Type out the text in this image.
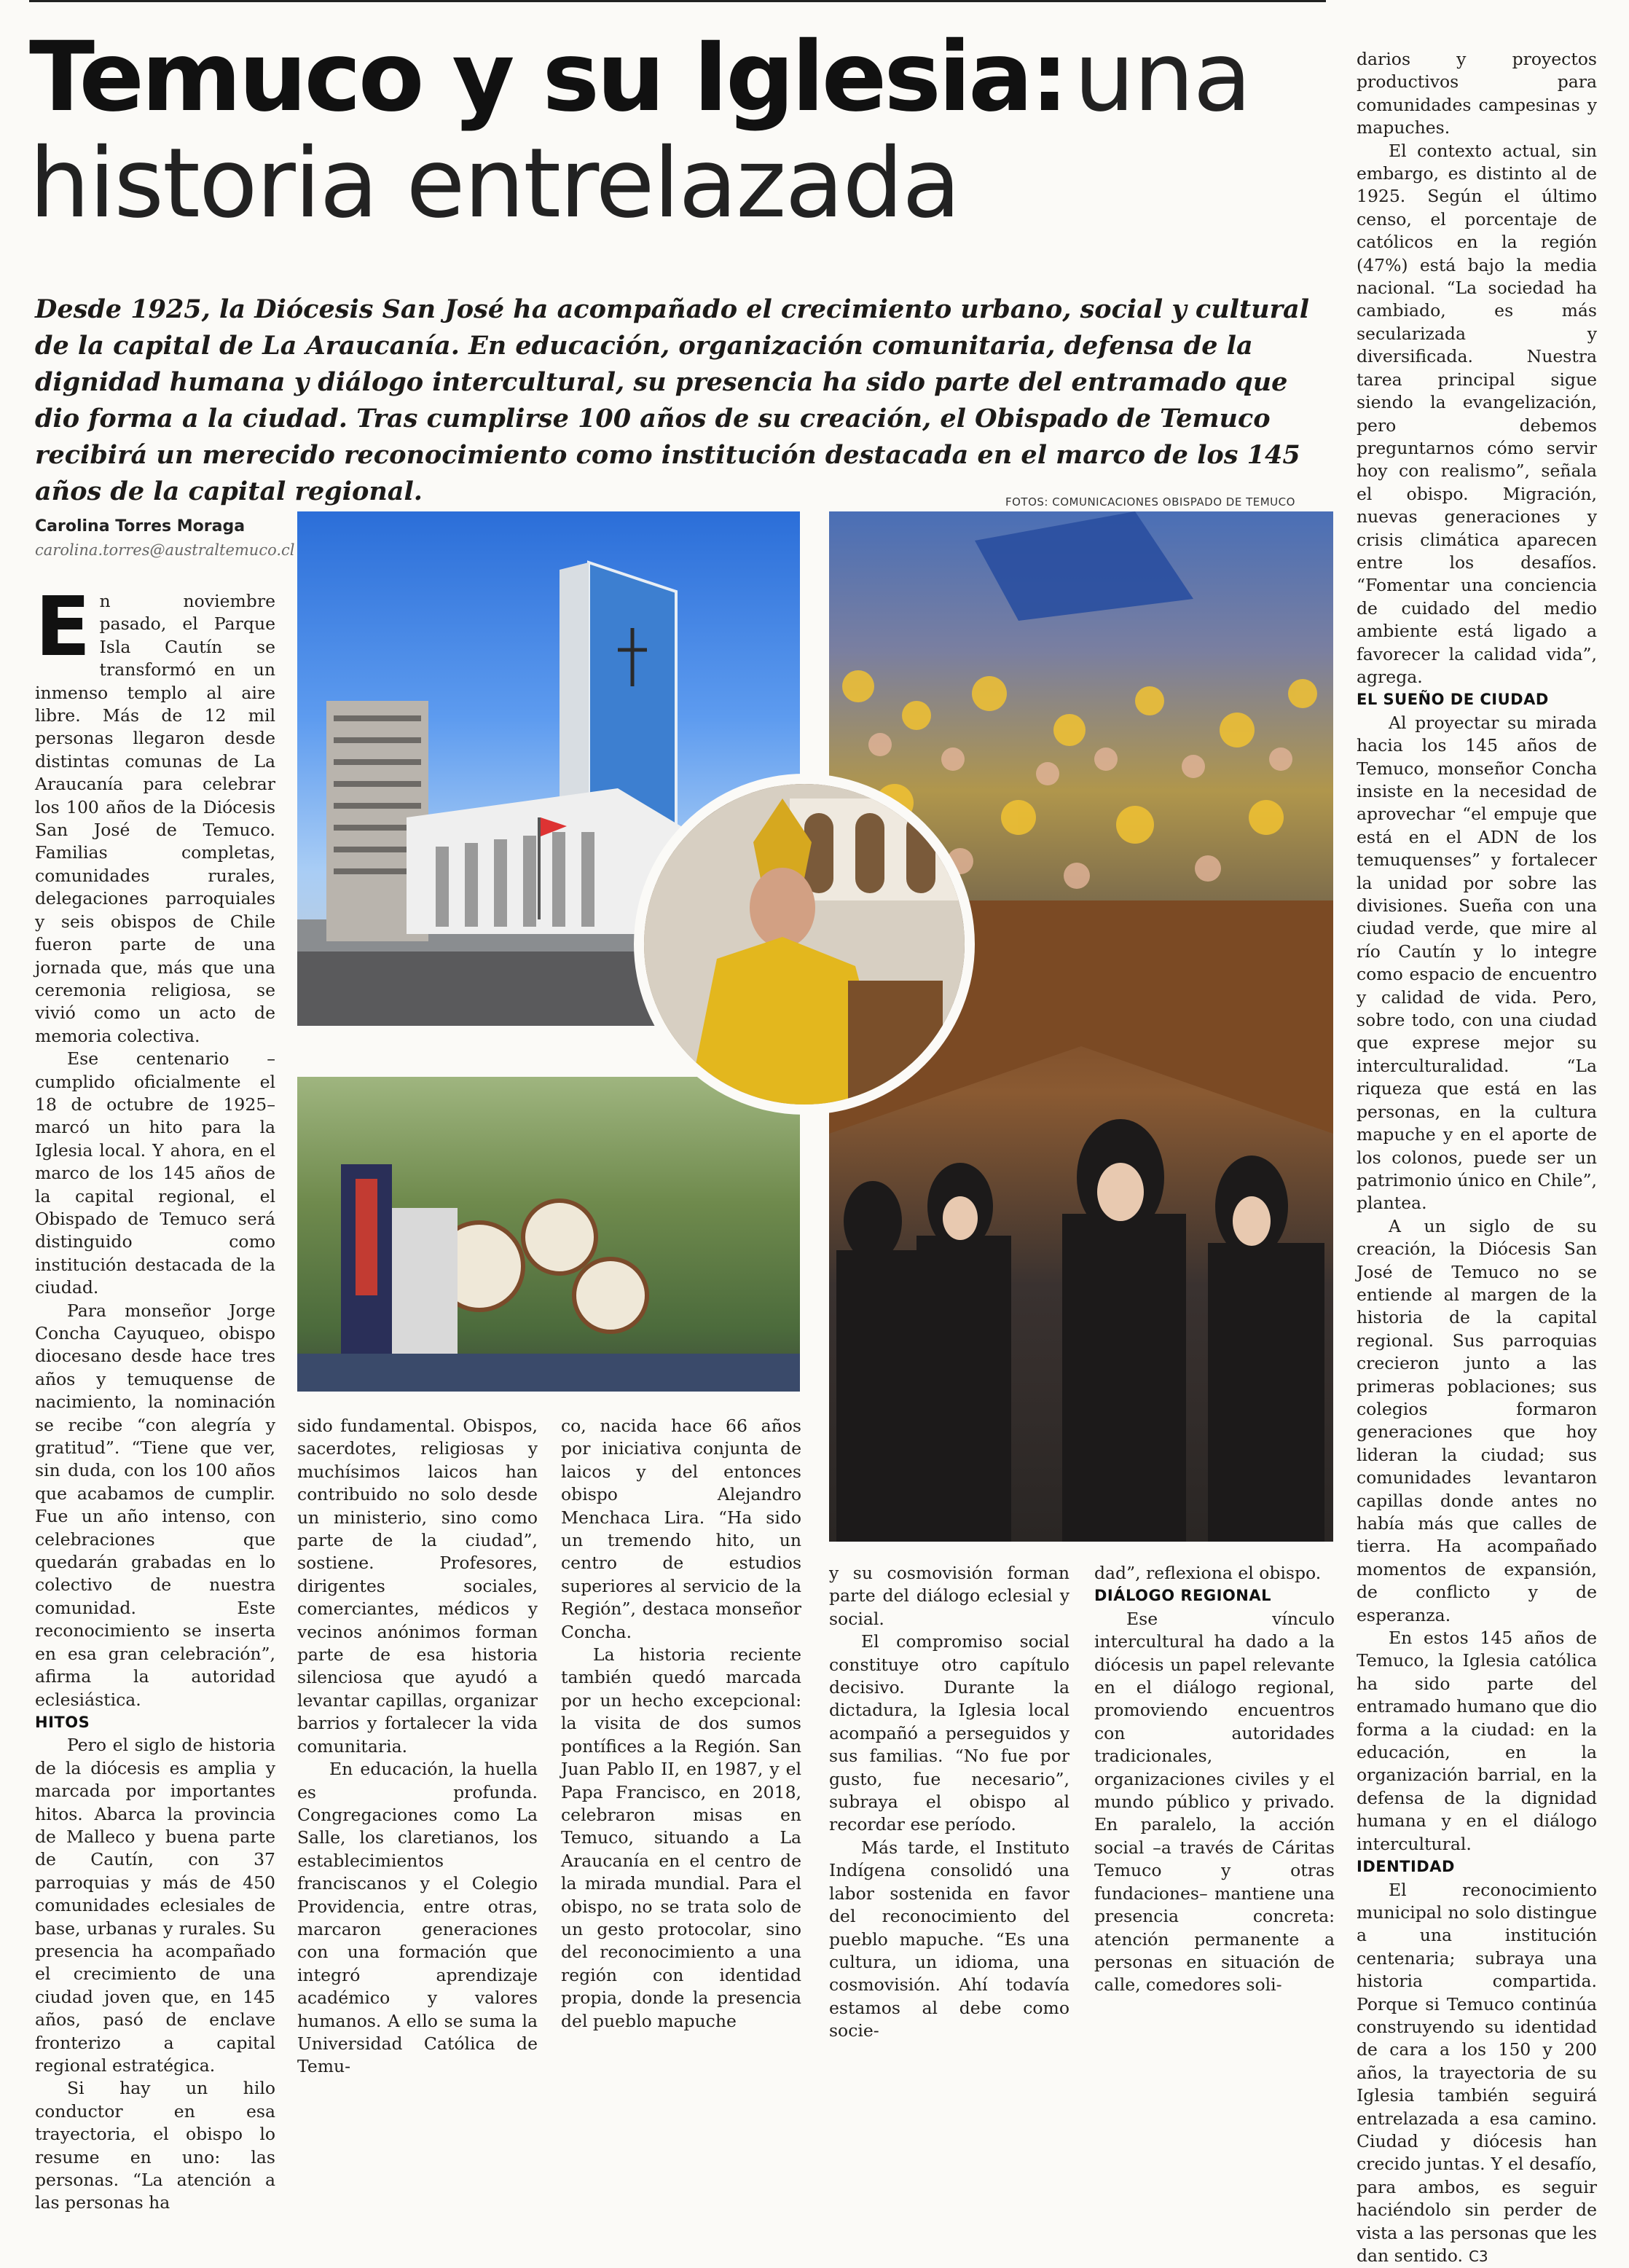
Temuco y su Iglesia: una
historia entrelazada
Desde 1925, la Diócesis San José ha acompañado el crecimiento urbano, social y cultural de la capital de La Araucanía. En educación, organización comunitaria, defensa de la dignidad humana y diálogo intercultural, su presencia ha sido parte del entramado que dio forma a la ciudad. Tras cumplirse 100 años de su creación, el Obispado de Temuco recibirá un merecido reconocimiento como institución destacada en el marco de los 145 años de la capital regional.	FOTOS: COMUNICACIONES OBISPADO DE TEMUCO
Carolina Torres Moraga
carolina.torres@australtemuco.cl

En noviembre pasado, el Parque Isla Cautín se transformó en un inmenso templo al aire libre. Más de 12 mil personas llegaron desde distintas comunas de La Araucanía para celebrar los 100 años de la Diócesis San José de Temuco. Familias completas, comunidades rurales, delegaciones parroquiales y seis obispos de Chile fueron parte de una jornada que, más que una ceremonia religiosa, se vivió como un acto de memoria colectiva.

Ese centenario –cumplido oficialmente el 18 de octubre de 1925– marcó un hito para la Iglesia local. Y ahora, en el marco de los 145 años de la capital regional, el Obispado de Temuco será distinguido como institución destacada de la ciudad.

Para monseñor Jorge Concha Cayuqueo, obispo diocesano desde hace tres años y temuquense de nacimiento, la nominación se recibe “con alegría y gratitud”. “Tiene que ver, sin duda, con los 100 años que acabamos de cumplir. Fue un año intenso, con celebraciones que quedarán grabadas en lo colectivo de nuestra comunidad. Este reconocimiento se inserta en esa gran celebración”, afirma la autoridad eclesiástica.

HITOS

Pero el siglo de historia de la diócesis es amplia y marcada por importantes hitos. Abarca la provincia de Malleco y buena parte de Cautín, con 37 parroquias y más de 450 comunidades eclesiales de base, urbanas y rurales. Su presencia ha acompañado el crecimiento de una ciudad joven que, en 145 años, pasó de enclave fronterizo a capital regional estratégica.

Si hay un hilo conductor en esa trayectoria, el obispo lo resume en uno: las personas. “La atención a las personas ha

sido fundamental. Obispos, sacerdotes, religiosas y muchísimos laicos han contribuido no solo desde un ministerio, sino como parte de la ciudad”, sostiene. Profesores, dirigentes sociales, comerciantes, médicos y vecinos anónimos forman parte de esa historia silenciosa que ayudó a levantar capillas, organizar barrios y fortalecer la vida comunitaria.

En educación, la huella es profunda. Congregaciones como La Salle, los claretianos, los establecimientos franciscanos y el Colegio Providencia, entre otras, marcaron generaciones con una formación que integró aprendizaje académico y valores humanos. A ello se suma la Universidad Católica de Temu-

co, nacida hace 66 años por iniciativa conjunta de laicos y del entonces obispo Alejandro Menchaca Lira. “Ha sido un tremendo hito, un centro de estudios superiores al servicio de la Región”, destaca monseñor Concha.

La historia reciente también quedó marcada por un hecho excepcional: la visita de dos sumos pontífices a la Región. San Juan Pablo II, en 1987, y el Papa Francisco, en 2018, celebraron misas en Temuco, situando a La Araucanía en el centro de la mirada mundial. Para el obispo, no se trata solo de un gesto protocolar, sino del reconocimiento a una región con identidad propia, donde la presencia del pueblo mapuche

y su cosmovisión forman parte del diálogo eclesial y social.

El compromiso social constituye otro capítulo decisivo. Durante la dictadura, la Iglesia local acompañó a perseguidos y sus familias. “No fue por gusto, fue necesario”, subraya el obispo al recordar ese período.

Más tarde, el Instituto Indígena consolidó una labor sostenida en favor del reconocimiento del pueblo mapuche. “Es una cultura, un idioma, una cosmovisión. Ahí todavía estamos al debe como socie-

dad”, reflexiona el obispo.

DIÁLOGO REGIONAL

Ese vínculo intercultural ha dado a la diócesis un papel relevante en el diálogo regional, promoviendo encuentros con autoridades tradicionales, organizaciones civiles y el mundo público y privado. En paralelo, la acción social –a través de Cáritas Temuco y otras fundaciones– mantiene una presencia concreta: atención permanente a personas en situación de calle, comedores soli-

darios y proyectos productivos para comunidades campesinas y mapuches.

El contexto actual, sin embargo, es distinto al de 1925. Según el último censo, el porcentaje de católicos en la región (47%) está bajo la media nacional. “La sociedad ha cambiado, es más secularizada y diversificada. Nuestra tarea principal sigue siendo la evangelización, pero debemos preguntarnos cómo servir hoy con realismo”, señala el obispo. Migración, nuevas generaciones y crisis climática aparecen entre los desafíos. “Fomentar una conciencia de cuidado del medio ambiente está ligado a favorecer la calidad vida”, agrega.

EL SUEÑO DE CIUDAD

Al proyectar su mirada hacia los 145 años de Temuco, monseñor Concha insiste en la necesidad de aprovechar “el empuje que está en el ADN de los temuquenses” y fortalecer la unidad por sobre las divisiones. Sueña con una ciudad verde, que mire al río Cautín y lo integre como espacio de encuentro y calidad de vida. Pero, sobre todo, con una ciudad que exprese mejor su interculturalidad. “La riqueza que está en las personas, en la cultura mapuche y en el aporte de los colonos, puede ser un patrimonio único en Chile”, plantea.

A un siglo de su creación, la Diócesis San José de Temuco no se entiende al margen de la historia de la capital regional. Sus parroquias crecieron junto a las primeras poblaciones; sus colegios formaron generaciones que hoy lideran la ciudad; sus comunidades levantaron capillas donde antes no había más que calles de tierra. Ha acompañado momentos de expansión, de conflicto y de esperanza.

En estos 145 años de Temuco, la Iglesia católica ha sido parte del entramado humano que dio forma a la ciudad: en la educación, en la organización barrial, en la defensa de la dignidad humana y en el diálogo intercultural.

IDENTIDAD

El reconocimiento municipal no solo distingue a una institución centenaria; subraya una historia compartida. Porque si Temuco continúa construyendo su identidad de cara a los 150 y 200 años, la trayectoria de su Iglesia también seguirá entrelazada a esa camino. Ciudad y diócesis han crecido juntas. Y el desafío, para ambos, es seguir haciéndolo sin perder de vista a las personas que les dan sentido. C3
